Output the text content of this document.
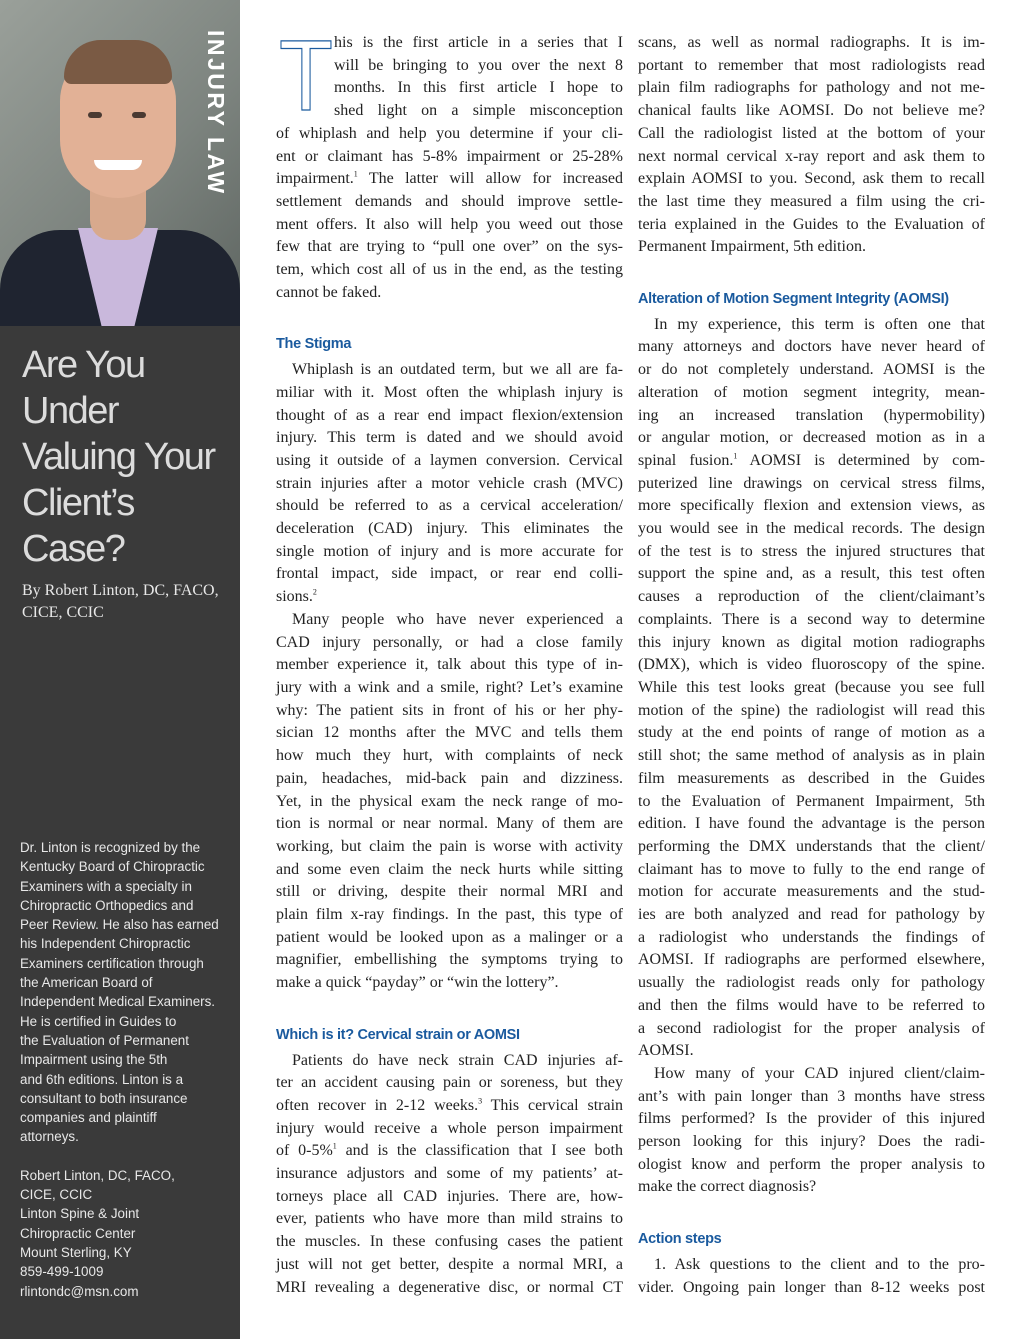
INJURY LAW
Are You
Under
Valuing Your
Client’s
Case?

By Robert Linton, DC, FACO,
CICE, CCIC

Dr. Linton is recognized by the
Kentucky Board of Chiropractic
Examiners with a specialty in
Chiropractic Orthopedics and
Peer Review. He also has earned
his Independent Chiropractic
Examiners certification through
the American Board of
Independent Medical Examiners.
He is certified in Guides to
the Evaluation of Permanent
Impairment using the 5th
and 6th editions. Linton is a
consultant to both insurance
companies and plaintiff
attorneys.
Robert Linton, DC, FACO,
CICE, CCIC
Linton Spine & Joint
Chiropractic Center
Mount Sterling, KY
859-499-1009
rlintondc@msn.com
T his is the first article in a series that I
will be bringing to you over the next 8
months. In this first article I hope to
shed light on a simple misconception
of whiplash and help you determine if your cli-
ent or claimant has 5-8% impairment or 25-28%
impairment.$^1$ The latter will allow for increased
settlement demands and should improve settle-
ment offers. It also will help you weed out those
few that are trying to “pull one over” on the sys-
tem, which cost all of us in the end, as the testing
cannot be faked.
The Stigma
Whiplash is an outdated term, but we all are fa-
miliar with it. Most often the whiplash injury is
thought of as a rear end impact flexion/extension
injury. This term is dated and we should avoid
using it outside of a laymen conversion. Cervical
strain injuries after a motor vehicle crash (MVC)
should be referred to as a cervical acceleration/
deceleration (CAD) injury. This eliminates the
single motion of injury and is more accurate for
frontal impact, side impact, or rear end colli-
sions.$^2$
Many people who have never experienced a
CAD injury personally, or had a close family
member experience it, talk about this type of in-
jury with a wink and a smile, right? Let’s examine
why: The patient sits in front of his or her phy-
sician 12 months after the MVC and tells them
how much they hurt, with complaints of neck
pain, headaches, mid-back pain and dizziness.
Yet, in the physical exam the neck range of mo-
tion is normal or near normal. Many of them are
working, but claim the pain is worse with activity
and some even claim the neck hurts while sitting
still or driving, despite their normal MRI and
plain film x-ray findings. In the past, this type of
patient would be looked upon as a malinger or a
magnifier, embellishing the symptoms trying to
make a quick “payday” or “win the lottery”.
Which is it? Cervical strain or AOMSI
Patients do have neck strain CAD injuries af-
ter an accident causing pain or soreness, but they
often recover in 2-12 weeks.$^3$ This cervical strain
injury would receive a whole person impairment
of 0-5%$^1$ and is the classification that I see both
insurance adjustors and some of my patients’ at-
torneys place all CAD injuries. There are, how-
ever, patients who have more than mild strains to
the muscles. In these confusing cases the patient
just will not get better, despite a normal MRI, a
MRI revealing a degenerative disc, or normal CT
scans, as well as normal radiographs. It is im-
portant to remember that most radiologists read
plain film radiographs for pathology and not me-
chanical faults like AOMSI. Do not believe me?
Call the radiologist listed at the bottom of your
next normal cervical x-ray report and ask them to
explain AOMSI to you. Second, ask them to recall
the last time they measured a film using the cri-
teria explained in the Guides to the Evaluation of
Permanent Impairment, 5th edition.
Alteration of Motion Segment Integrity (AOMSI)
In my experience, this term is often one that
many attorneys and doctors have never heard of
or do not completely understand. AOMSI is the
alteration of motion segment integrity, mean-
ing an increased translation (hypermobility)
or angular motion, or decreased motion as in a
spinal fusion.$^1$ AOMSI is determined by com-
puterized line drawings on cervical stress films,
more specifically flexion and extension views, as
you would see in the medical records. The design
of the test is to stress the injured structures that
support the spine and, as a result, this test often
causes a reproduction of the client/claimant’s
complaints. There is a second way to determine
this injury known as digital motion radiographs
(DMX), which is video fluoroscopy of the spine.
While this test looks great (because you see full
motion of the spine) the radiologist will read this
study at the end points of range of motion as a
still shot; the same method of analysis as in plain
film measurements as described in the Guides
to the Evaluation of Permanent Impairment, 5th
edition. I have found the advantage is the person
performing the DMX understands that the client/
claimant has to move to fully to the end range of
motion for accurate measurements and the stud-
ies are both analyzed and read for pathology by
a radiologist who understands the findings of
AOMSI. If radiographs are performed elsewhere,
usually the radiologist reads only for pathology
and then the films would have to be referred to
a second radiologist for the proper analysis of
AOMSI.
How many of your CAD injured client/claim-
ant’s with pain longer than 3 months have stress
films performed? Is the provider of this injured
person looking for this injury? Does the radi-
ologist know and perform the proper analysis to
make the correct diagnosis?
Action steps
1. Ask questions to the client and to the pro-
vider. Ongoing pain longer than 8-12 weeks post
